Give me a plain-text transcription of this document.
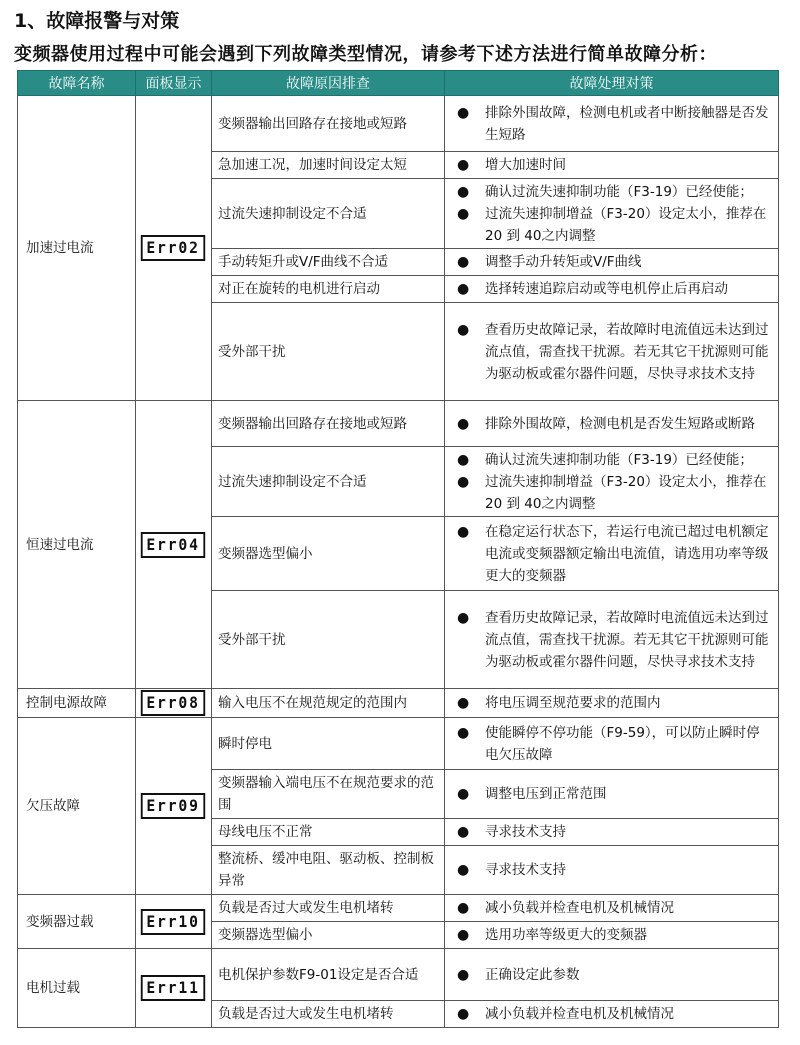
1、故障报警与对策
变频器使用过程中可能会遇到下列故障类型情况，请参考下述方法进行简单故障分析：
故障名称	面板显示	故障原因排查	故障处理对策
加速过电流	Err02	变频器输出回路存在接地或短路	● 排除外围故障，检测电机或者中断接触器是否发生短路

		急加速工况，加速时间设定太短	● 增大加速时间

		过流失速抑制设定不合适	● 确认过流失速抑制功能（F3-19）已经使能；
● 过流失速抑制增益（F3-20）设定太小，推荐在20 到 40之内调整

		手动转矩升或V/F曲线不合适	● 调整手动升转矩或V/F曲线

		对正在旋转的电机进行启动	● 选择转速追踪启动或等电机停止后再启动

		受外部干扰	● 查看历史故障记录，若故障时电流值远未达到过流点值，需查找干扰源。若无其它干扰源则可能为驱动板或霍尔器件问题，尽快寻求技术支持

恒速过电流	Err04	变频器输出回路存在接地或短路	● 排除外围故障，检测电机是否发生短路或断路

		过流失速抑制设定不合适	● 确认过流失速抑制功能（F3-19）已经使能；
● 过流失速抑制增益（F3-20）设定太小，推荐在20 到 40之内调整

		变频器选型偏小	● 在稳定运行状态下，若运行电流已超过电机额定电流或变频器额定输出电流值，请选用功率等级更大的变频器

		受外部干扰	● 查看历史故障记录，若故障时电流值远未达到过流点值，需查找干扰源。若无其它干扰源则可能为驱动板或霍尔器件问题，尽快寻求技术支持

控制电源故障	Err08	输入电压不在规范规定的范围内	● 将电压调至规范要求的范围内

欠压故障	Err09	瞬时停电	● 使能瞬停不停功能（F9-59），可以防止瞬时停电欠压故障

		变频器输入端电压不在规范要求的范围	● 调整电压到正常范围

		母线电压不正常	● 寻求技术支持

		整流桥、缓冲电阻、驱动板、控制板异常	● 寻求技术支持

变频器过载	Err10	负载是否过大或发生电机堵转	● 减小负载并检查电机及机械情况

		变频器选型偏小	● 选用功率等级更大的变频器

电机过载	Err11	电机保护参数F9-01设定是否合适	● 正确设定此参数

		负载是否过大或发生电机堵转	● 减小负载并检查电机及机械情况
